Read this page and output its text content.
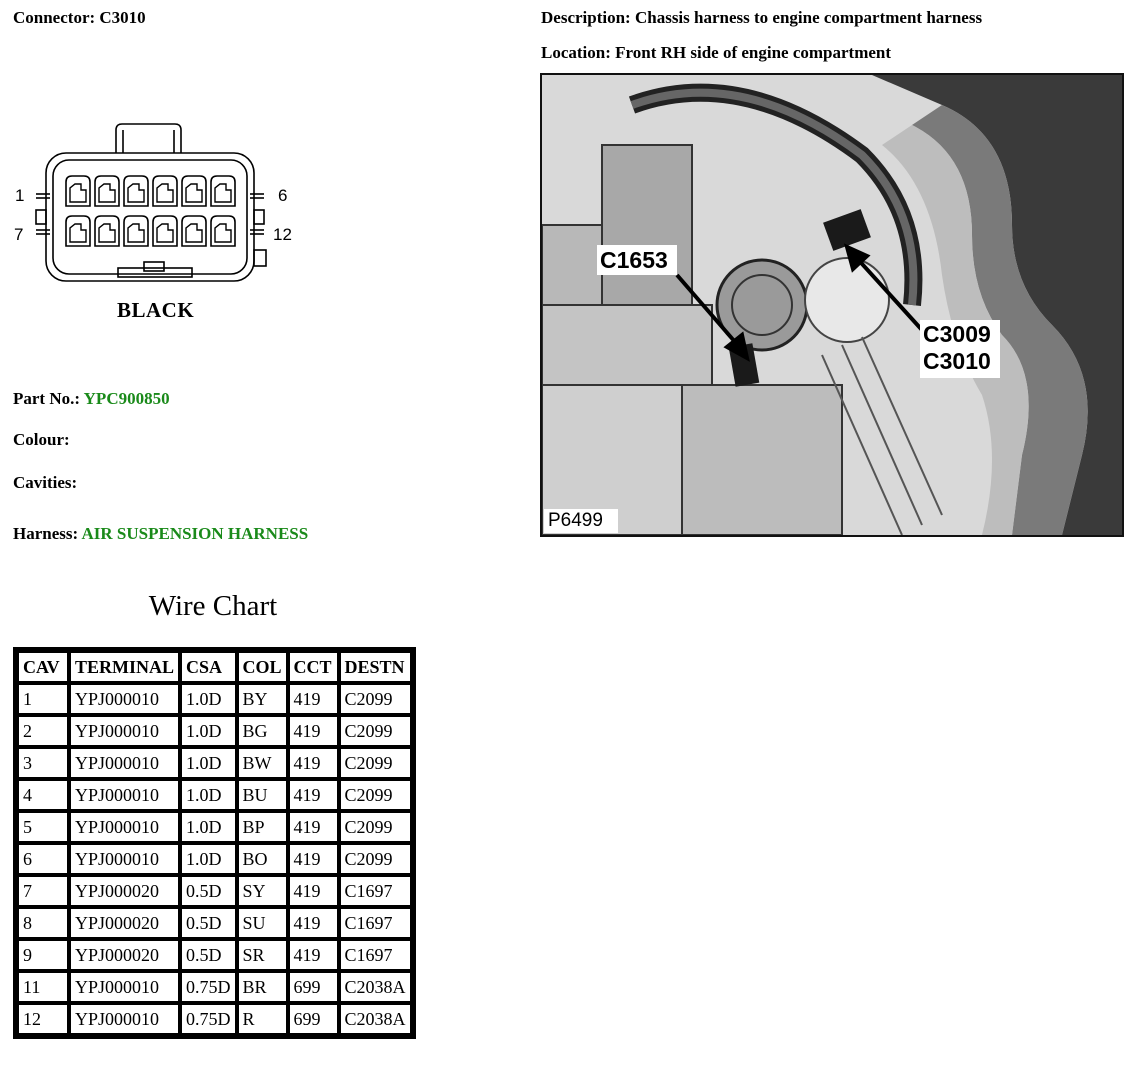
Connector: C3010	Description: Chassis harness to engine compartment harness
Location: Front RH side of engine compartment
1
7
6
12
BLACK
Part No.: YPC900850
Colour:
Cavities:
Harness: AIR SUSPENSION HARNESS
C1653
C3009
C3010
P6499
Wire Chart
CAV	TERMINAL	CSA	COL	CCT	DESTN
1	YPJ000010	1.0D	BY	419	C2099
2	YPJ000010	1.0D	BG	419	C2099
3	YPJ000010	1.0D	BW	419	C2099
4	YPJ000010	1.0D	BU	419	C2099
5	YPJ000010	1.0D	BP	419	C2099
6	YPJ000010	1.0D	BO	419	C2099
7	YPJ000020	0.5D	SY	419	C1697
8	YPJ000020	0.5D	SU	419	C1697
9	YPJ000020	0.5D	SR	419	C1697
11	YPJ000010	0.75D	BR	699	C2038A
12	YPJ000010	0.75D	R	699	C2038A
